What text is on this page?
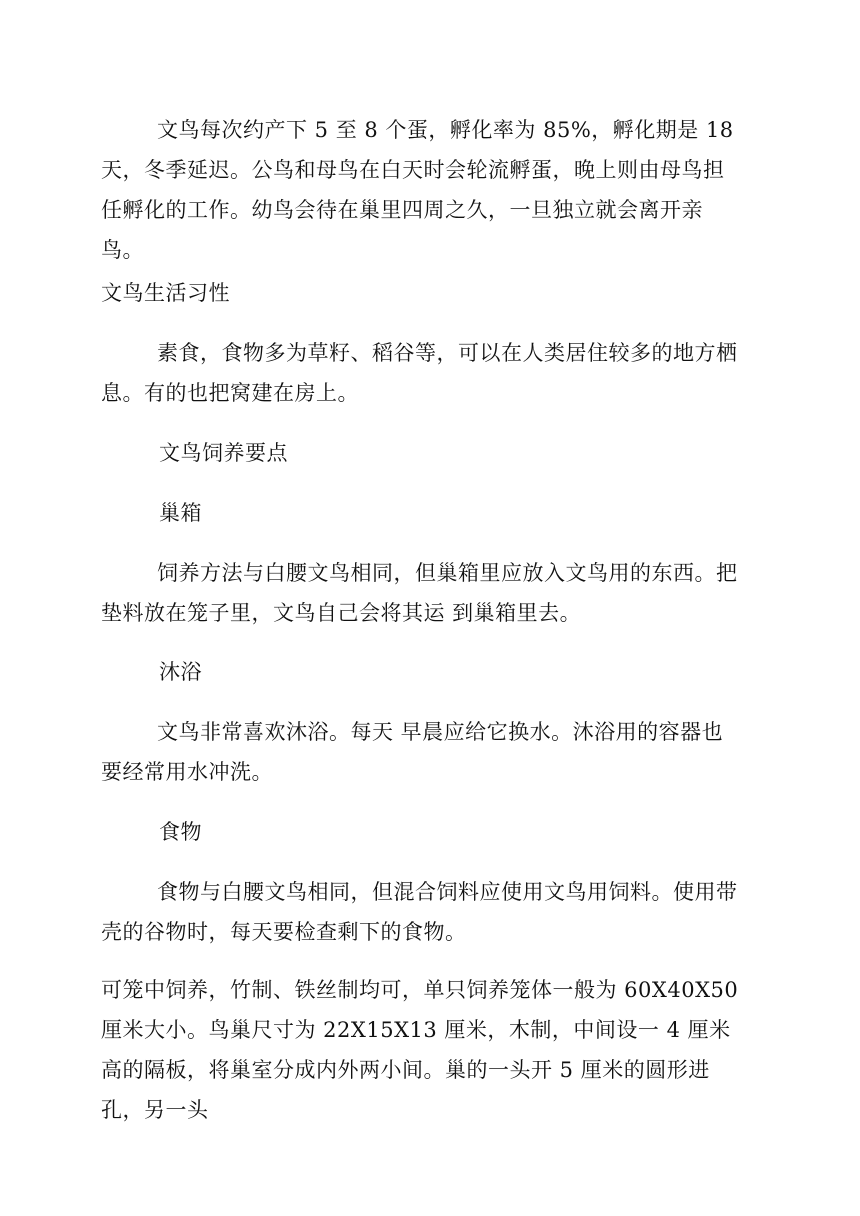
文鸟每次约产下 5 至 8 个蛋，孵化率为 85%，孵化期是 18 天，冬季延迟。公鸟和母鸟在白天时会轮流孵蛋，晚上则由母鸟担任孵化的工作。幼鸟会待在巢里四周之久，一旦独立就会离开亲鸟。

文鸟生活习性

素食，食物多为草籽、稻谷等，可以在人类居住较多的地方栖息。有的也把窝建在房上。

文鸟饲养要点

巢箱

饲养方法与白腰文鸟相同，但巢箱里应放入文鸟用的东西。把垫料放在笼子里，文鸟自己会将其运 到巢箱里去。

沐浴

文鸟非常喜欢沐浴。每天 早晨应给它换水。沐浴用的容器也要经常用水冲洗。

食物

食物与白腰文鸟相同，但混合饲料应使用文鸟用饲料。使用带壳的谷物时，每天要检查剩下的食物。

可笼中饲养，竹制、铁丝制均可，单只饲养笼体一般为 60X40X50 厘米大小。鸟巢尺寸为 22X15X13 厘米，木制，中间设一 4 厘米高的隔板，将巢室分成内外两小间。巢的一头开 5 厘米的圆形进孔，另一头
